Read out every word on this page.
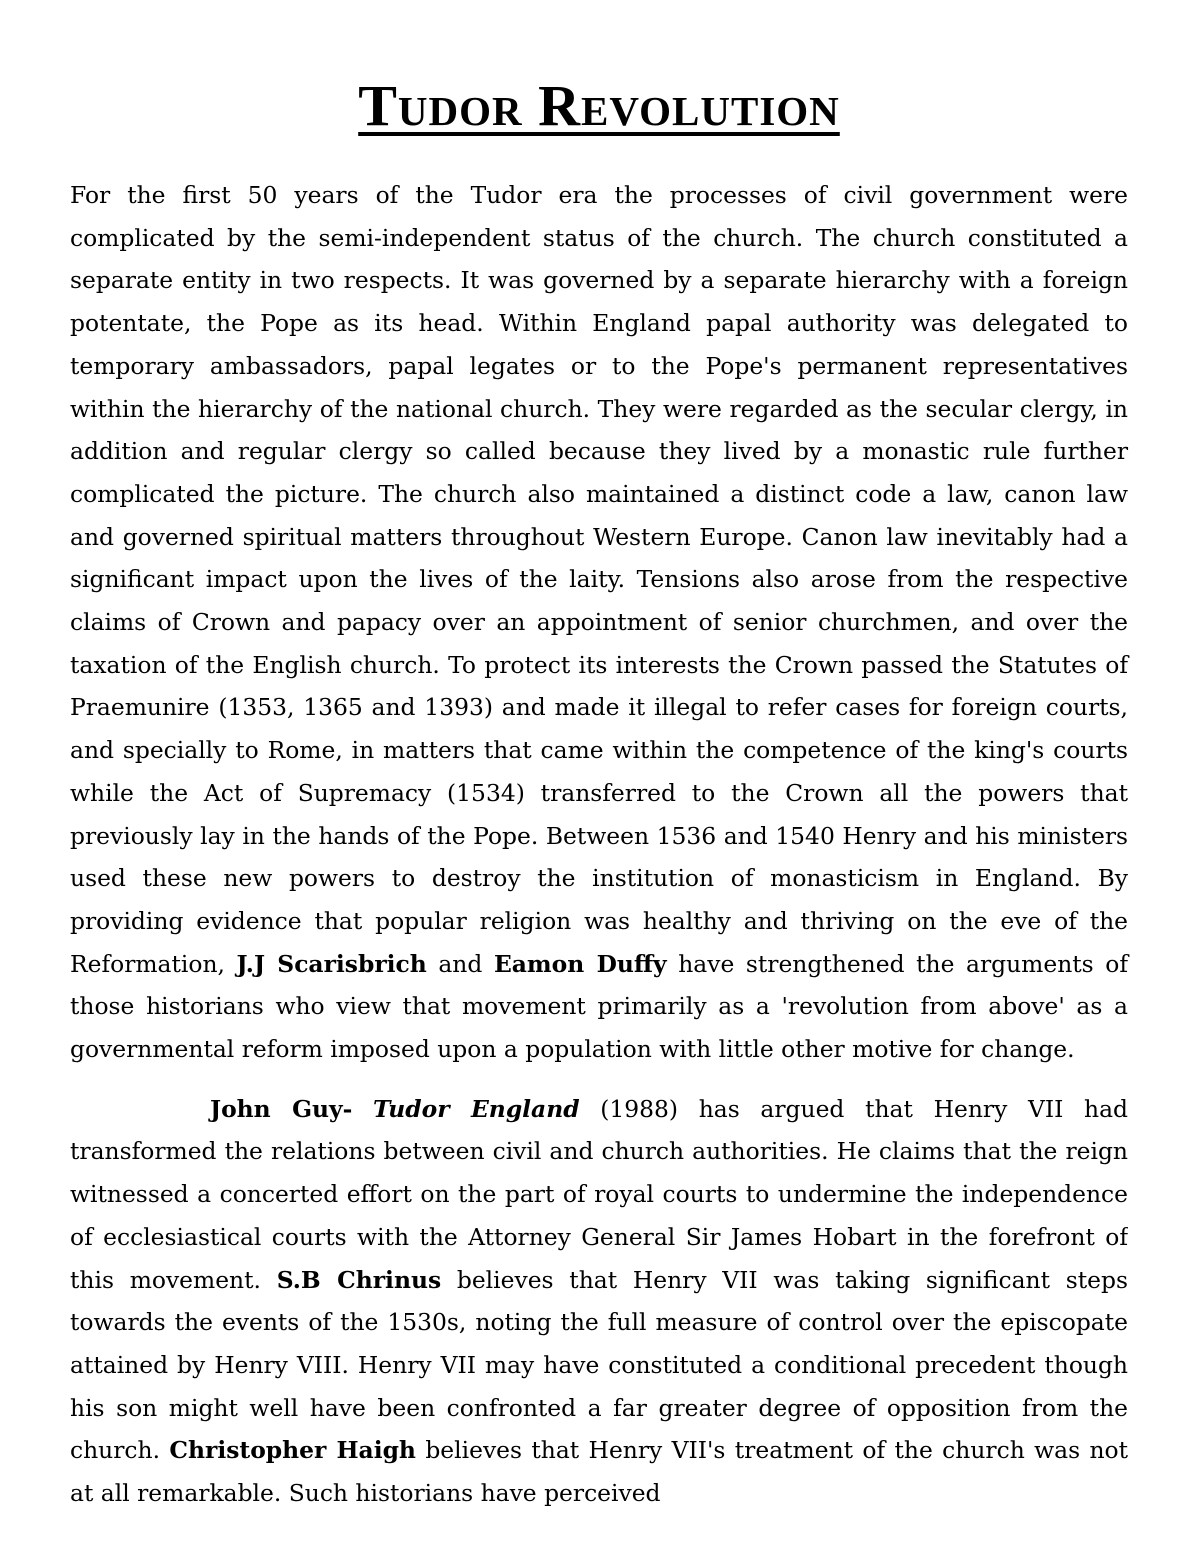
Tudor Revolution

For the first 50 years of the Tudor era the processes of civil government were complicated by the semi-independent status of the church. The church constituted a separate entity in two respects. It was governed by a separate hierarchy with a foreign potentate, the Pope as its head. Within England papal authority was delegated to temporary ambassadors, papal legates or to the Pope's permanent representatives within the hierarchy of the national church. They were regarded as the secular clergy, in addition and regular clergy so called because they lived by a monastic rule further complicated the picture. The church also maintained a distinct code a law, canon law and governed spiritual matters throughout Western Europe. Canon law inevitably had a significant impact upon the lives of the laity. Tensions also arose from the respective claims of Crown and papacy over an appointment of senior churchmen, and over the taxation of the English church. To protect its interests the Crown passed the Statutes of Praemunire (1353, 1365 and 1393) and made it illegal to refer cases for foreign courts, and specially to Rome, in matters that came within the competence of the king's courts while the Act of Supremacy (1534) transferred to the Crown all the powers that previously lay in the hands of the Pope. Between 1536 and 1540 Henry and his ministers used these new powers to destroy the institution of monasticism in England. By providing evidence that popular religion was healthy and thriving on the eve of the Reformation, J.J Scarisbrich and Eamon Duffy have strengthened the arguments of those historians who view that movement primarily as a 'revolution from above' as a governmental reform imposed upon a population with little other motive for change.

John Guy- Tudor England (1988) has argued that Henry VII had transformed the relations between civil and church authorities. He claims that the reign witnessed a concerted effort on the part of royal courts to undermine the independence of ecclesiastical courts with the Attorney General Sir James Hobart in the forefront of this movement. S.B Chrinus believes that Henry VII was taking significant steps towards the events of the 1530s, noting the full measure of control over the episcopate attained by Henry VIII. Henry VII may have constituted a conditional precedent though his son might well have been confronted a far greater degree of opposition from the church. Christopher Haigh believes that Henry VII's treatment of the church was not at all remarkable. Such historians have perceived
